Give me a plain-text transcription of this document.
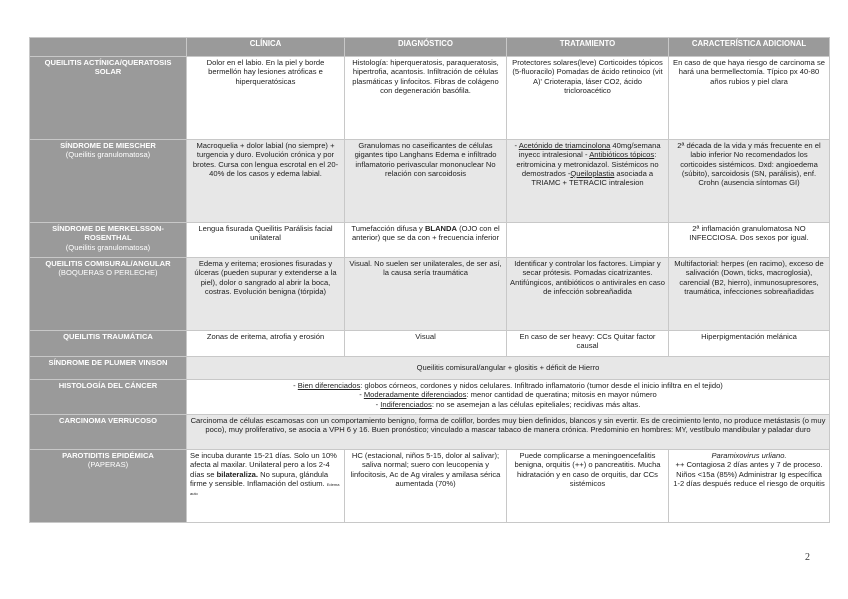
	CLÍNICA	DIAGNÓSTICO	TRATAMIENTO	CARACTERÍSTICA ADICIONAL
QUEILITIS ACTÍNICA/QUERATOSIS SOLAR	Dolor en el labio. En la piel y borde bermellón hay lesiones atróficas e hiperqueratósicas	Histología: hiperqueratosis, paraqueratosis, hipertrofia, acantosis. Infiltración de células plasmáticas y linfocitos. Fibras de colágeno con degeneración basófila.	Protectores solares(leve) Corticoides tópicos (5-fluoracilo) Pomadas de ácido retinoico (vit A)' Crioterapia, láser CO2, ácido tricloroacético	En caso de que haya riesgo de carcinoma se hará una bermellectomía. Típico px 40-80 años rubios y piel clara
SÍNDROME DE MIESCHER
(Queilitis granulomatosa)	Macroquelia + dolor labial (no siempre) + turgencia y duro. Evolución crónica y por brotes. Cursa con lengua escrotal en el 20-40% de los casos y edema labial.	Granulomas no caseificantes de células gigantes tipo Langhans Edema e infiltrado inflamatorio perivascular mononuclear No relación con sarcoidosis	- Acetónido de triamcinolona 40mg/semana inyecc intralesional - Antibióticos tópicos: eritromicina y metronidazol. Sistémicos no demostrados -Queiloplastia asociada a TRIAMC + TETRACIC intralesion	2ª década de la vida y más frecuente en el labio inferior No recomendados los corticoides sistémicos. Dxd: angioedema (súbito), sarcoidosis (SN, parálisis), enf. Crohn (ausencia síntomas GI)
SÍNDROME DE MERKELSSON-ROSENTHAL
(Queilitis granulomatosa)	Lengua fisurada Queilitis Parálisis facial unilateral	Tumefacción difusa y BLANDA (OJO con el anterior) que se da con + frecuencia inferior		2ª inflamación granulomatosa NO INFECCIOSA. Dos sexos por igual.
QUEILITIS COMISURAL/ANGULAR
(BOQUERAS O PERLECHE)	Edema y eritema; erosiones fisuradas y úlceras (pueden supurar y extenderse a la piel), dolor o sangrado al abrir la boca, costras. Evolución benigna (tórpida)	Visual. No suelen ser unilaterales, de ser así, la causa sería traumática	Identificar y controlar los factores. Limpiar y secar prótesis. Pomadas cicatrizantes. Antifúngicos, antibióticos o antivirales en caso de infección sobreañadida	Multifactorial: herpes (en racimo), exceso de salivación (Down, ticks, macroglosia), carencial (B2, hierro), inmunosupresores, traumática, infecciones sobreañadidas
QUEILITIS TRAUMÁTICA	Zonas de eritema, atrofia y erosión	Visual	En caso de ser heavy: CCs Quitar factor causal	Hiperpigmentación melánica
SÍNDROME DE PLUMER VINSON	Queilitis comisural/angular + glositis + déficit de Hierro			
HISTOLOGÍA DEL CÁNCER	- Bien diferenciados: globos córneos, cordones y nidos celulares. Infiltrado inflamatorio (tumor desde el inicio infiltra en el tejido)
- Moderadamente diferenciados: menor cantidad de queratina; mitosis en mayor número
- Indiferenciados: no se asemejan a las células epiteliales; recidivas más altas.			

CARCINOMA VERRUCOSO	Carcinoma de células escamosas con un comportamiento benigno, forma de coliflor, bordes muy bien definidos, blancos y sin evertir. Es de crecimiento lento, no produce metástasis (o muy poco), muy proliferativo, se asocia a VPH 6 y 16. Buen pronóstico; vinculado a mascar tabaco de manera crónica. Predominio en hombres: MY, vestíbulo mandibular y paladar duro			
PAROTIDITIS EPIDÉMICA
(PAPERAS)	Se incuba durante 15-21 días. Solo un 10% afecta al maxilar. Unilateral pero a los 2-4 días se bilateraliza. No supura, glándula firme y sensible. Inflamación del ostium. Edema auto	HC (estacional, niños 5-15, dolor al salivar); saliva normal; suero con leucopenia y linfocitosis, Ac de Ag virales y amilasa sérica aumentada (70%)	Puede complicarse a meningoencefalitis benigna, orquitis (++) o pancreatitis. Mucha hidratación y en caso de orquitis, dar CCs sistémicos	Paramixovirus urliano.
++ Contagiosa 2 días antes y 7 de proceso. Niños <15a (85%) Administrar Ig específica 1-2 días después reduce el riesgo de orquitis
2
